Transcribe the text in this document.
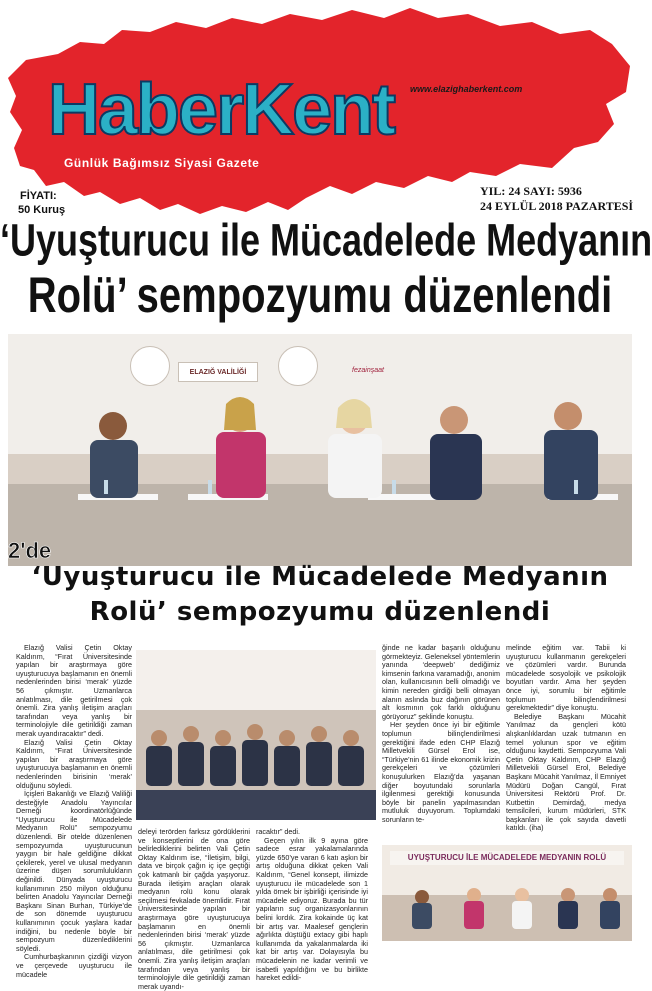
HaberKent www.elazighaberkent.com
Günlük Bağımsız Siyasi Gazete
FİYATI:
50 Kuruş
YIL: 24 SAYI: 5936
24 EYLÜL 2018 PAZARTESİ
‘Uyuşturucu ile Mücadelede Medyanın
Rolü’ sempozyumu düzenlendi
ELAZIĞ VALİLİĞİ	fezainşaat
2'de
‘Uyuşturucu ile Mücadelede Medyanın
Rolü’ sempozyumu düzenlendi

Elazığ Valisi Çetin Oktay Kaldırım, “Fırat Üniversitesinde yapılan bir araştırmaya göre uyuşturucuya başlamanın en önemli nedenlerinden birisi ‘merak’ yüzde 56 çıkmıştır. Uzmanlarca anlatılması, dile getirilmesi çok önemli. Zira yanlış iletişim araçları tarafından veya yanlış bir terminolojiyle dile getirildiği zaman merak uyandıracaktır” dedi.

Elazığ Valisi Çetin Oktay Kaldırım, “Fırat Üniversitesinde yapılan bir araştırmaya göre uyuşturucuya başlamanın en önemli nedenlerinden birisinin ‘merak’ olduğunu söyledi.

İçişleri Bakanlığı ve Elazığ Valiliği desteğiyle Anadolu Yayıncılar Derneği koordinatörlüğünde “Uyuşturucu ile Mücadelede Medyanın Rolü” sempozyumu düzenlendi. Bir otelde düzenlenen sempozyumda uyuşturucunun yaygın bir hale geldiğine dikkat çekilerek, yerel ve ulusal medyanın üzerine düşen sorumlulukların değinildi. Dünyada uyuşturucu kullanımının 250 milyon olduğunu belirten Anadolu Yayıncılar Derneği Başkanı Sinan Burhan, Türkiye’de de son dönemde uyuşturucu kullanımının çocuk yaşlara kadar indiğini, bu nedenle böyle bir sempozyum düzenlediklerini söyledi.

Cumhurbaşkanının çizdiği vizyon ve çerçevede uyuşturucu ile mücadele

deleyi terörden farksız gördüklerini ve konseptlerini de ona göre belirlediklerini belirten Vali Çetin Oktay Kaldırım ise, “İletişim, bilgi, data ve birçok çağın iç içe geçtiği çok katmanlı bir çağda yaşıyoruz. Burada iletişim araçları olarak medyanın rolü konu olarak seçilmesi fevkalade önemlidir. Fırat Üniversitesinde yapılan bir araştırmaya göre uyuşturucuya başlamanın en önemli nedenlerinden birisi ‘merak’ yüzde 56 çıkmıştır. Uzmanlarca anlatılması, dile getirilmesi çok önemli. Zira yanlış iletişim araçları tarafından veya yanlış bir terminolojiyle dile getirildiği zaman merak uyandı-

racaktır” dedi.

Geçen yılın ilk 9 ayına göre sadece esrar yakalamalarında yüzde 650’ye varan 6 katı aşkın bir artış olduğuna dikkat çeken Vali Kaldırım, “Genel konsept, ilimizde uyuşturucu ile mücadelede son 1 yılda örnek bir işbirliği içerisinde iyi mücadele ediyoruz. Burada bu tür yapıların suç organizasyonlarının belini kırdık. Zira kokainde üç kat bir artış var. Maalesef gençlerin ağırlıkta düştüğü extacy gibi haplı kullanımda da yakalanmalarda iki kat bir artış var. Dolayısıyla bu mücadelenin ne kadar verimli ve isabetli yapıldığını ve bu birlikte hareket edildi-

ğinde ne kadar başarılı olduğunu görmekteyiz. Geleneksel yöntemlerin yanında ‘deepweb’ dediğimiz kimsenin farkına varamadığı, anonim olan, kullanıcısının belli olmadığı ve kimin nereden girdiği belli olmayan alanın aslında buz dağının görünen alt kısmının çok farklı olduğunu görüyoruz” şeklinde konuştu.

Her şeyden önce iyi bir eğitimle toplumun bilinçlendirilmesi gerektiğini ifade eden CHP Elazığ Milletvekili Gürsel Erol ise, “Türkiye’nin 61 ilinde ekonomik krizin gerekçeleri ve çözümleri konuşulurken Elazığ’da yaşanan diğer boyutundaki sorunlarla ilgilenmesi gerektiği konusunda böyle bir panelin yapılmasından mutluluk duyuyorum. Toplumdaki sorunların te-

melinde eğitim var. Tabii ki uyuşturucu kullanmanın gerekçeleri ve çözümleri vardır. Burunda mücadelede sosyolojik ve psikolojik boyutları vardır. Ama her şeyden önce iyi, sorumlu bir eğitimle toplumun bilinçlendirilmesi gerekmektedir” diye konuştu.

Belediye Başkanı Mücahit Yanılmaz da gençleri kötü alışkanlıklardan uzak tutmanın en temel yolunun spor ve eğitim olduğunu kaydetti. Sempozyuma Vali Çetin Oktay Kaldırım, CHP Elazığ Milletvekili Gürsel Erol, Belediye Başkanı Mücahit Yanılmaz, İl Emniyet Müdürü Doğan Cangül, Fırat Üniversitesi Rektörü Prof. Dr. Kutbettin Demirdağ, medya temsilcileri, kurum müdürleri, STK başkanları ile çok sayıda davetli katıldı. (iha)

UYUŞTURUCU İLE MÜCADELEDE MEDYANIN ROLÜ
